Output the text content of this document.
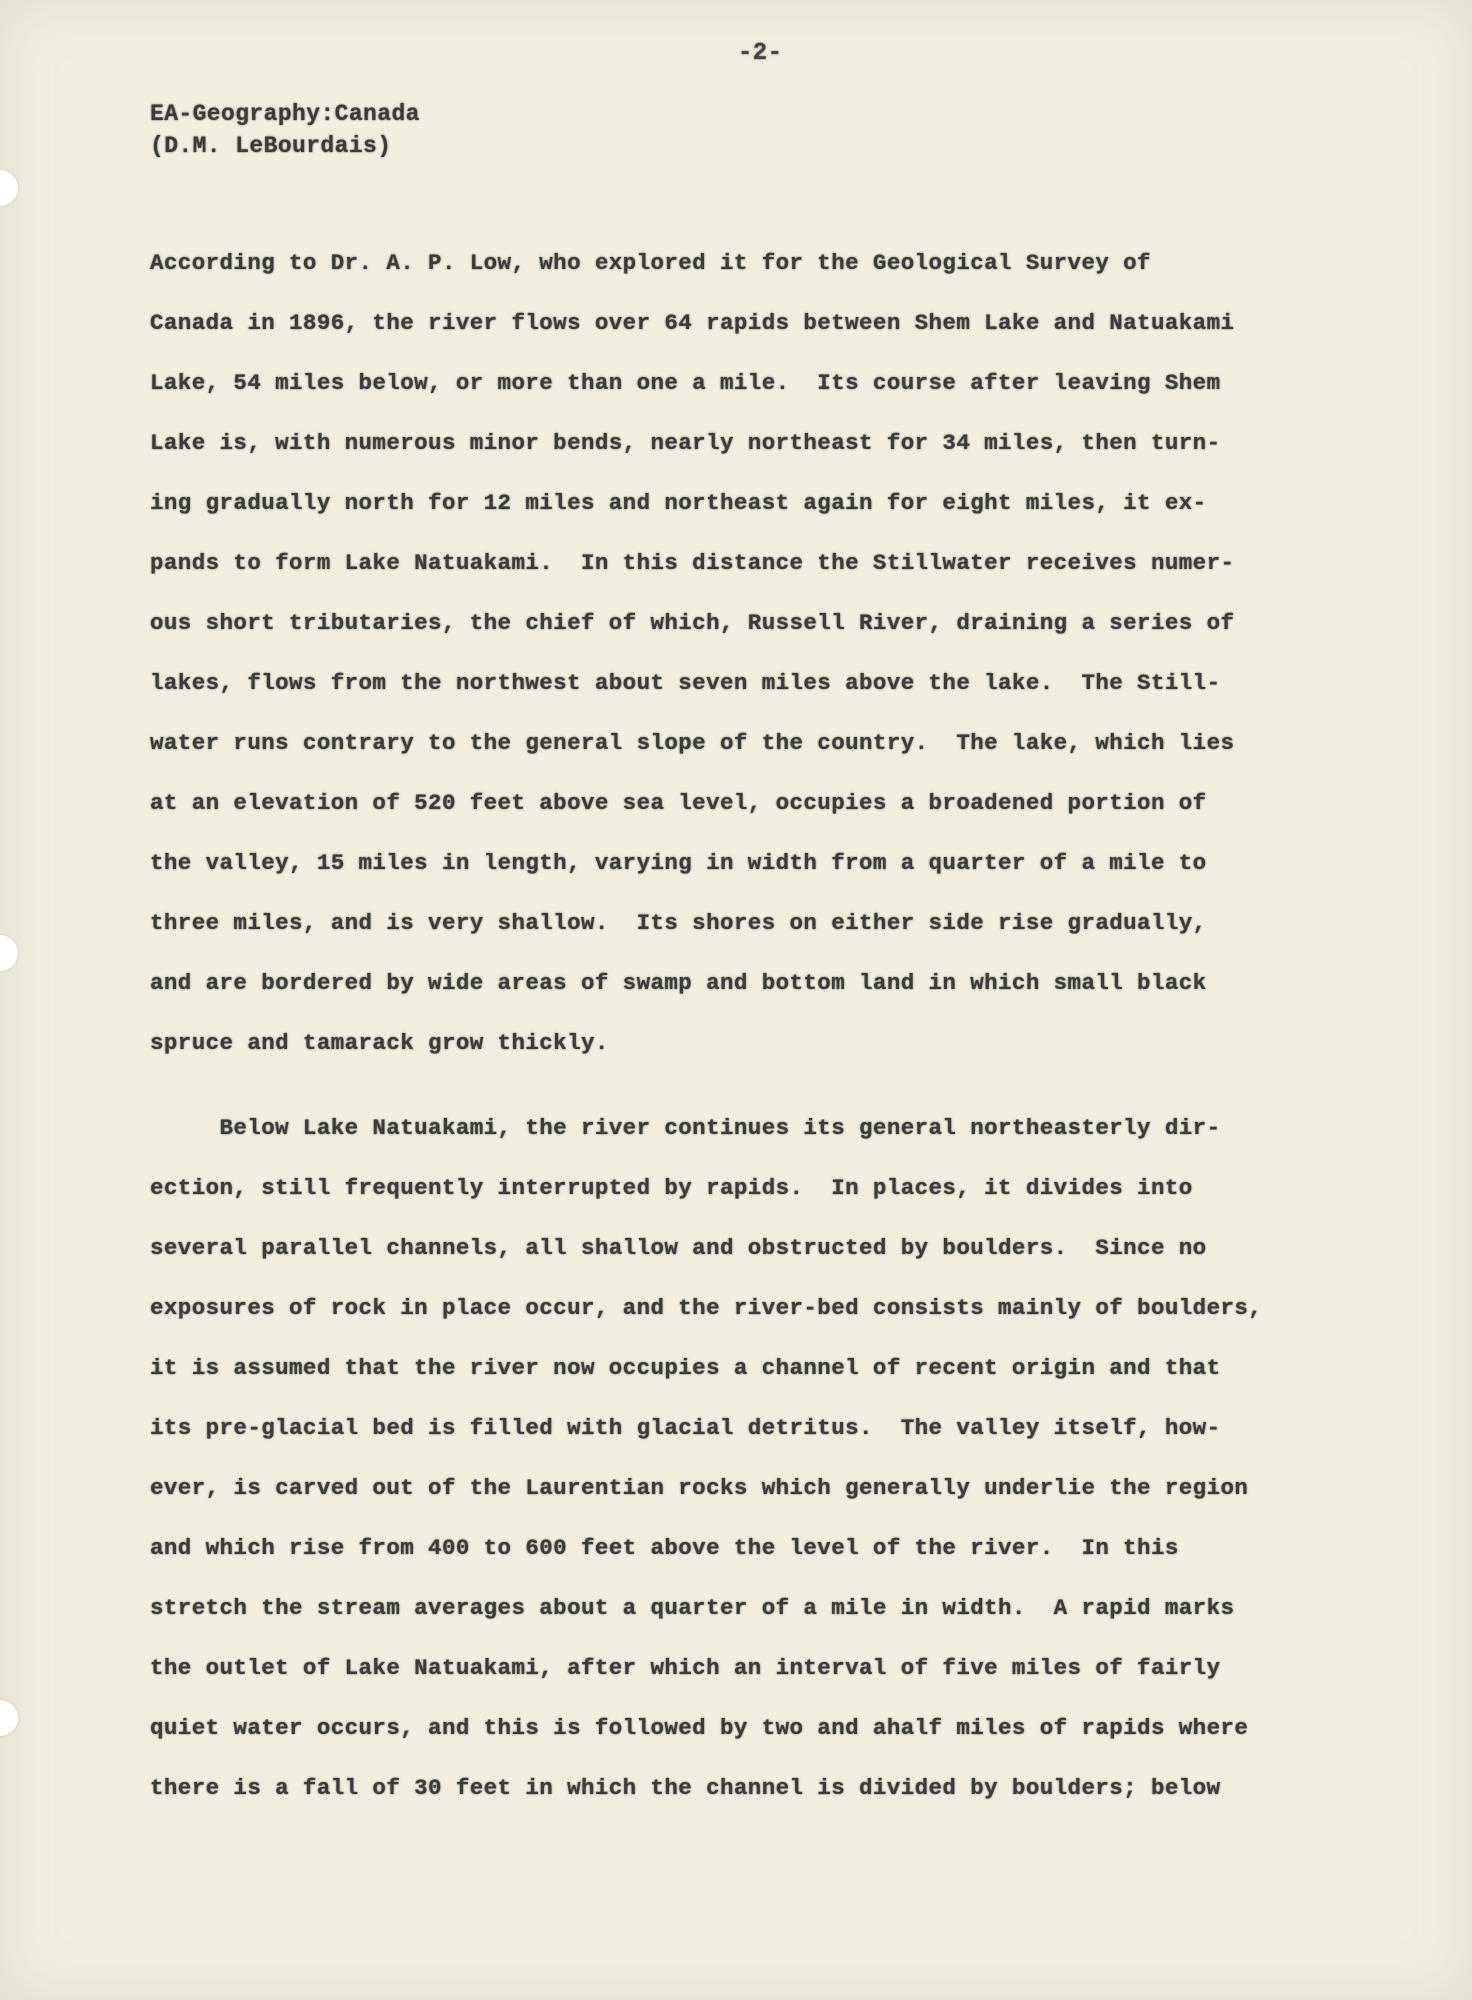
-2-
EA-Geography:Canada
(D.M. LeBourdais)
According to Dr. A. P. Low, who explored it for the Geological Survey of
Canada in 1896, the river flows over 64 rapids between Shem Lake and Natuakami
Lake, 54 miles below, or more than one a mile.  Its course after leaving Shem
Lake is, with numerous minor bends, nearly northeast for 34 miles, then turn-
ing gradually north for 12 miles and northeast again for eight miles, it ex-
pands to form Lake Natuakami.  In this distance the Stillwater receives numer-
ous short tributaries, the chief of which, Russell River, draining a series of
lakes, flows from the northwest about seven miles above the lake.  The Still-
water runs contrary to the general slope of the country.  The lake, which lies
at an elevation of 520 feet above sea level, occupies a broadened portion of
the valley, 15 miles in length, varying in width from a quarter of a mile to
three miles, and is very shallow.  Its shores on either side rise gradually,
and are bordered by wide areas of swamp and bottom land in which small black
spruce and tamarack grow thickly.
Below Lake Natuakami, the river continues its general northeasterly dir-
ection, still frequently interrupted by rapids.  In places, it divides into
several parallel channels, all shallow and obstructed by boulders.  Since no
exposures of rock in place occur, and the river-bed consists mainly of boulders,
it is assumed that the river now occupies a channel of recent origin and that
its pre-glacial bed is filled with glacial detritus.  The valley itself, how-
ever, is carved out of the Laurentian rocks which generally underlie the region
and which rise from 400 to 600 feet above the level of the river.  In this
stretch the stream averages about a quarter of a mile in width.  A rapid marks
the outlet of Lake Natuakami, after which an interval of five miles of fairly
quiet water occurs, and this is followed by two and ahalf miles of rapids where
there is a fall of 30 feet in which the channel is divided by boulders; below
